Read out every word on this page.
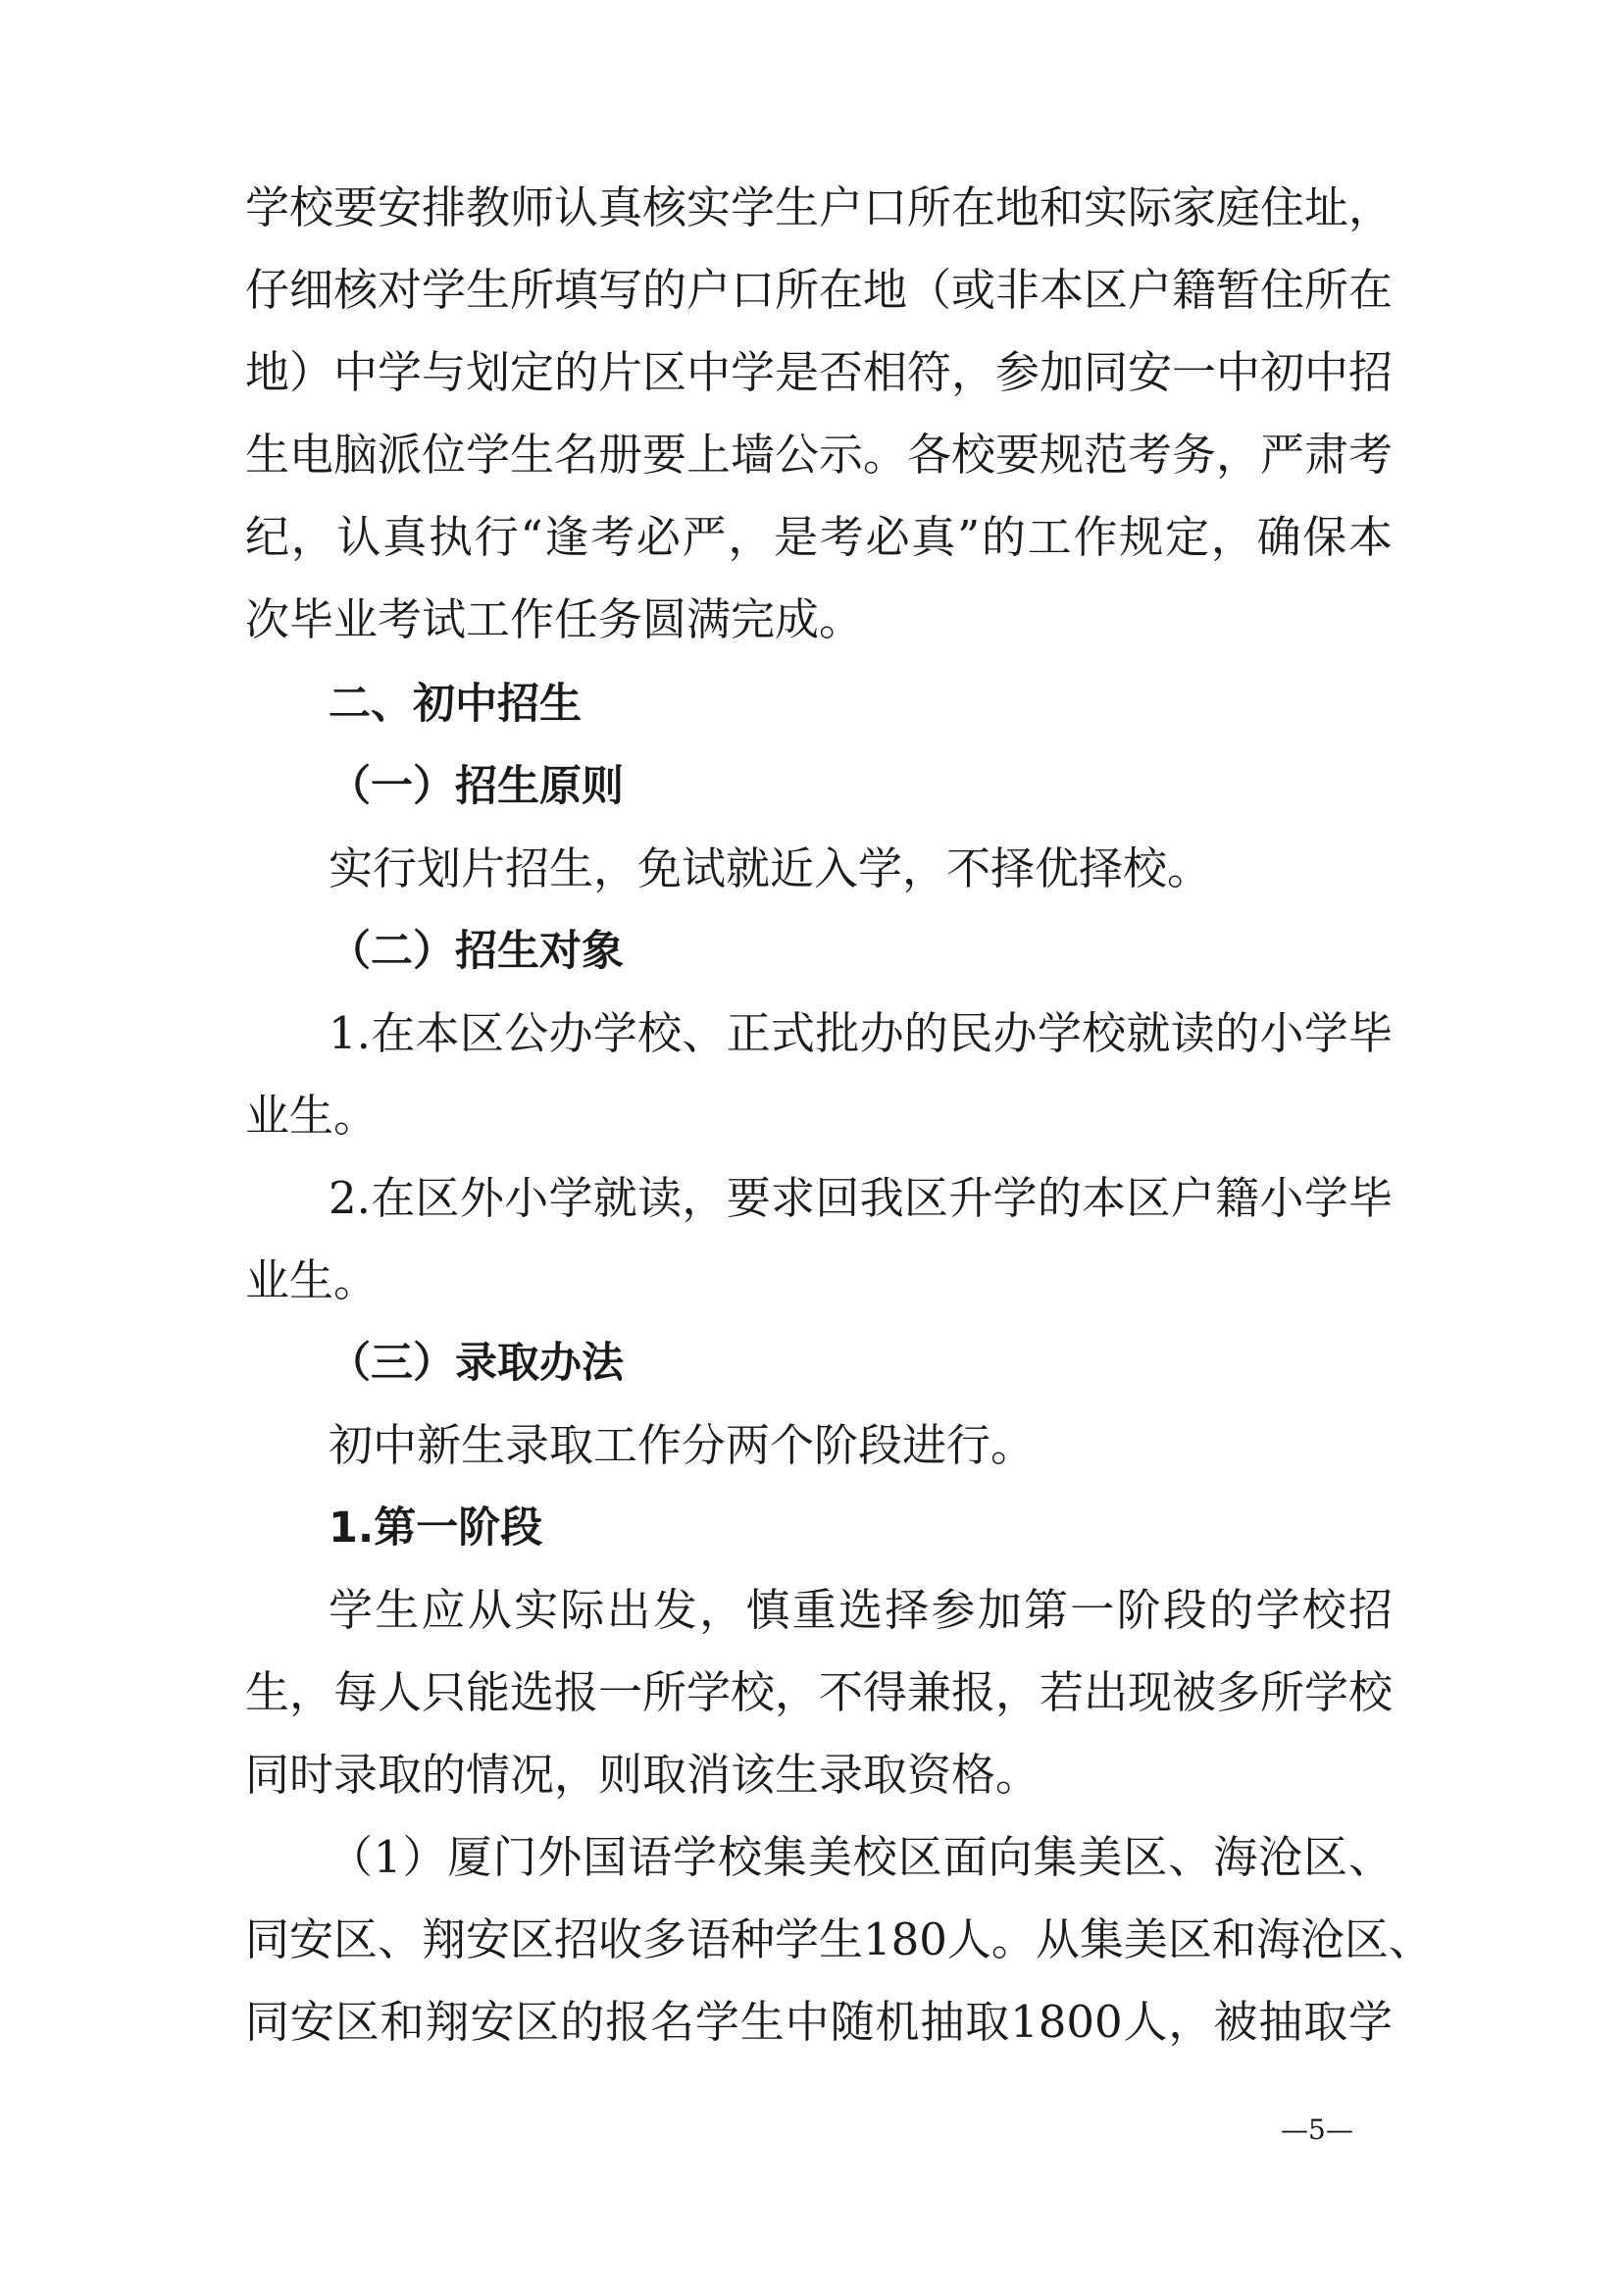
学校要安排教师认真核实学生户口所在地和实际家庭住址，
仔细核对学生所填写的户口所在地（或非本区户籍暂住所在
地）中学与划定的片区中学是否相符，参加同安一中初中招
生电脑派位学生名册要上墙公示。各校要规范考务，严肃考
纪，认真执行“逢考必严，是考必真”的工作规定，确保本
次毕业考试工作任务圆满完成。
二、初中招生
（一）招生原则
实行划片招生，免试就近入学，不择优择校。
（二）招生对象
1.在本区公办学校、正式批办的民办学校就读的小学毕
业生。
2.在区外小学就读，要求回我区升学的本区户籍小学毕
业生。
（三）录取办法
初中新生录取工作分两个阶段进行。
1.第一阶段
学生应从实际出发，慎重选择参加第一阶段的学校招
生，每人只能选报一所学校，不得兼报，若出现被多所学校
同时录取的情况，则取消该生录取资格。
（1）厦门外国语学校集美校区面向集美区、海沧区、
同安区、翔安区招收多语种学生180人。从集美区和海沧区、
同安区和翔安区的报名学生中随机抽取1800人，被抽取学
—5—
